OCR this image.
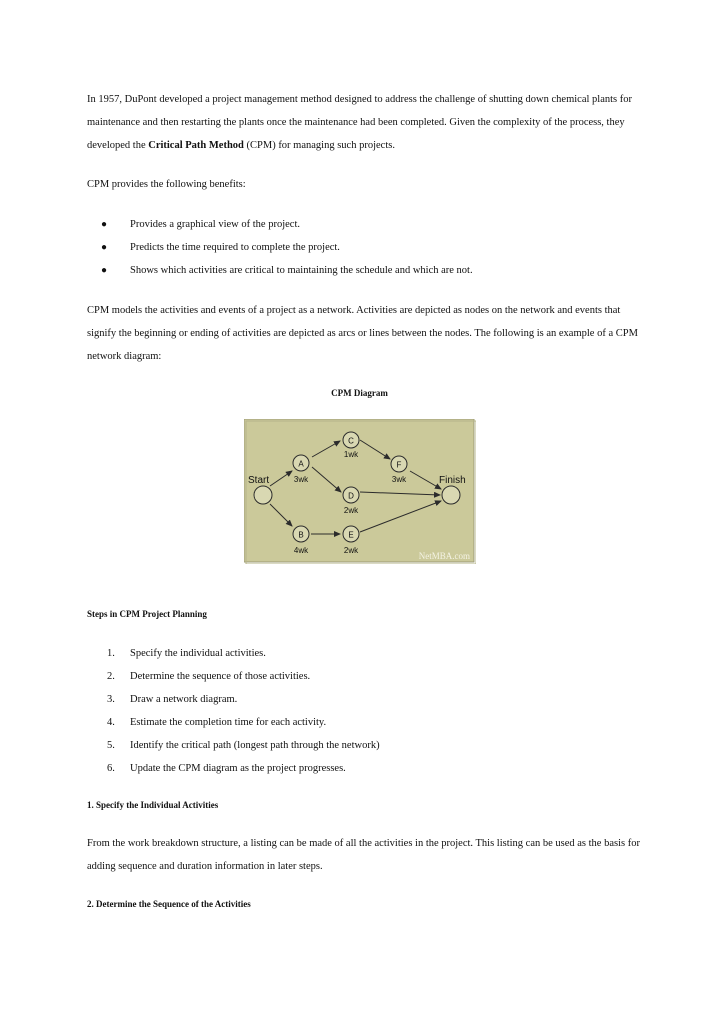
In 1957, DuPont developed a project management method designed to address the challenge of shutting down chemical plants for maintenance and then restarting the plants once the maintenance had been completed. Given the complexity of the process, they developed the Critical Path Method (CPM) for managing such projects.

CPM provides the following benefits:

● Provides a graphical view of the project.
● Predicts the time required to complete the project.
● Shows which activities are critical to maintaining the schedule and which are not.

CPM models the activities and events of a project as a network. Activities are depicted as nodes on the network and events that signify the beginning or ending of activities are depicted as arcs or lines between the nodes. The following is an example of a CPM network diagram:

CPM Diagram
Start	Finish
A
B
C
D
E
F
3wk
4wk
1wk
2wk
2wk
3wk
NetMBA.com
Steps in CPM Project Planning
1. Specify the individual activities.
2. Determine the sequence of those activities.
3. Draw a network diagram.
4. Estimate the completion time for each activity.
5. Identify the critical path (longest path through the network)
6. Update the CPM diagram as the project progresses.
1. Specify the Individual Activities

From the work breakdown structure, a listing can be made of all the activities in the project. This listing can be used as the basis for adding sequence and duration information in later steps.

2. Determine the Sequence of the Activities
